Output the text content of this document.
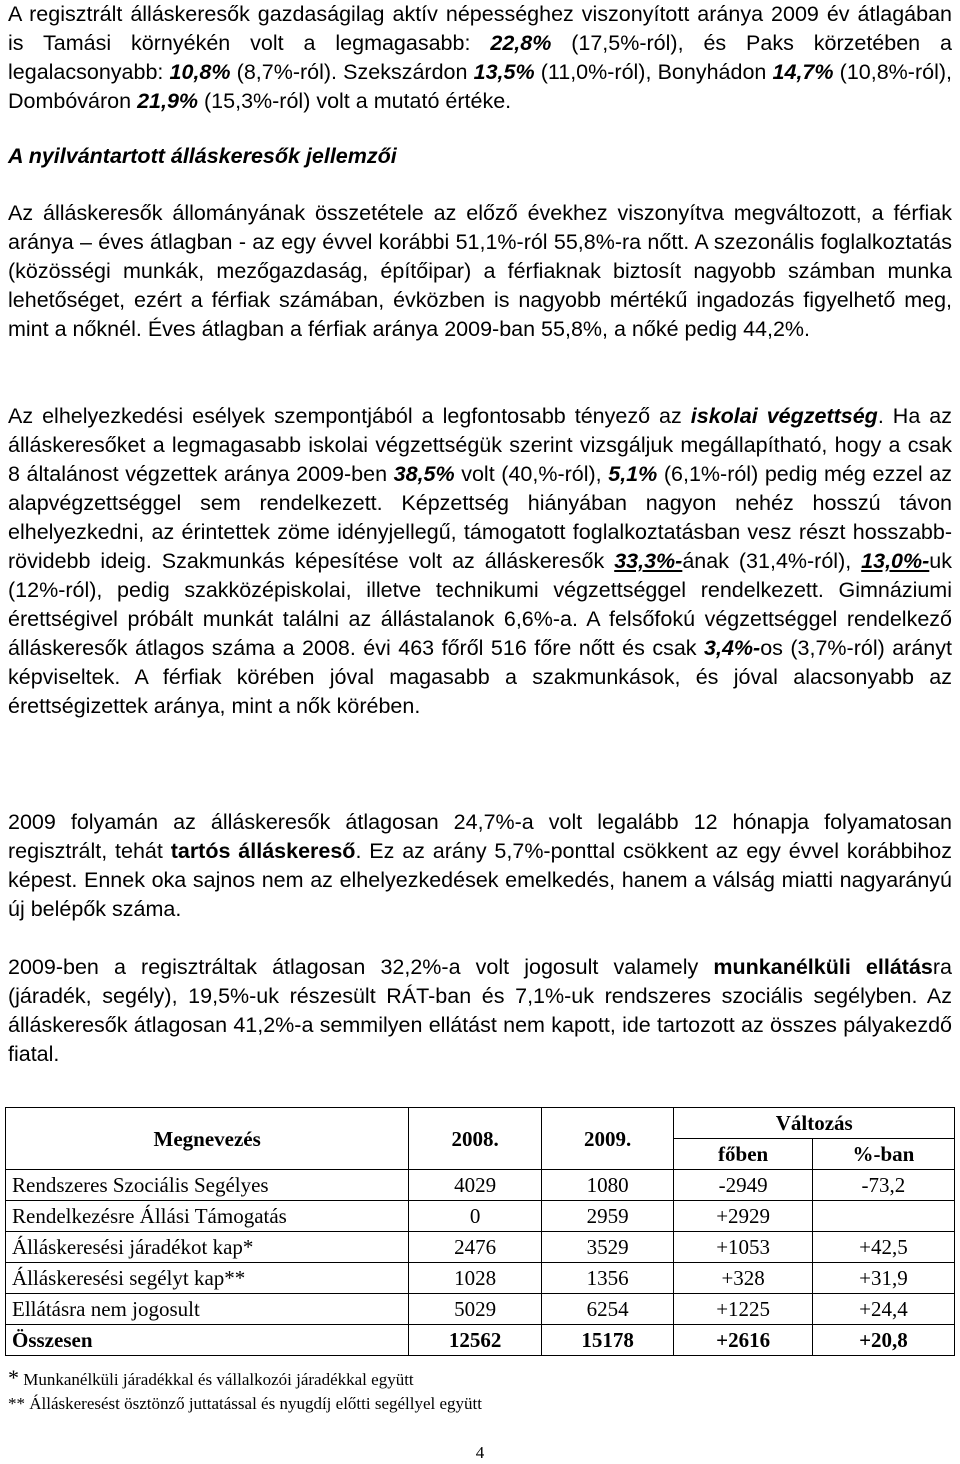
A regisztrált álláskeresők gazdaságilag aktív népességhez viszonyított aránya 2009 év átlagában is Tamási környékén volt a legmagasabb: 22,8% (17,5%-ról), és Paks körzetében a legalacsonyabb: 10,8% (8,7%-ról). Szekszárdon 13,5% (11,0%-ról), Bonyhádon 14,7% (10,8%-ról), Dombóváron 21,9% (15,3%-ról) volt a mutató értéke.

A nyilvántartott álláskeresők jellemzői

Az álláskeresők állományának összetétele az előző évekhez viszonyítva megváltozott, a férfiak aránya – éves átlagban - az egy évvel korábbi 51,1%-ról 55,8%-ra nőtt. A szezonális foglalkoztatás (közösségi munkák, mezőgazdaság, építőipar) a férfiaknak biztosít nagyobb számban munka lehetőséget, ezért a férfiak számában, évközben is nagyobb mértékű ingadozás figyelhető meg, mint a nőknél. Éves átlagban a férfiak aránya 2009-ban 55,8%, a nőké pedig 44,2%.

Az elhelyezkedési esélyek szempontjából a legfontosabb tényező az iskolai végzettség. Ha az álláskeresőket a legmagasabb iskolai végzettségük szerint vizsgáljuk megállapítható, hogy a csak 8 általánost végzettek aránya 2009-ben 38,5% volt (40,%-ról), 5,1% (6,1%-ról) pedig még ezzel az alapvégzettséggel sem rendelkezett. Képzettség hiányában nagyon nehéz hosszú távon elhelyezkedni, az érintettek zöme idényjellegű, támogatott foglalkoztatásban vesz részt hosszabb-rövidebb ideig. Szakmunkás képesítése volt az álláskeresők 33,3%-ának (31,4%-ról), 13,0%-uk (12%-ról), pedig szakközépiskolai, illetve technikumi végzettséggel rendelkezett. Gimnáziumi érettségivel próbált munkát találni az állástalanok 6,6%-a. A felsőfokú végzettséggel rendelkező álláskeresők átlagos száma a 2008. évi 463 főről 516 főre nőtt és csak 3,4%-os (3,7%-ról) arányt képviseltek. A férfiak körében jóval magasabb a szakmunkások, és jóval alacsonyabb az érettségizettek aránya, mint a nők körében.

2009 folyamán az álláskeresők átlagosan 24,7%-a volt legalább 12 hónapja folyamatosan regisztrált, tehát tartós álláskereső. Ez az arány 5,7%-ponttal csökkent az egy évvel korábbihoz képest. Ennek oka sajnos nem az elhelyezkedések emelkedés, hanem a válság miatti nagyarányú új belépők száma.

2009-ben a regisztráltak átlagosan 32,2%-a volt jogosult valamely munkanélküli ellátásra (járadék, segély), 19,5%-uk részesült RÁT-ban és 7,1%-uk rendszeres szociális segélyben. Az álláskeresők átlagosan 41,2%-a semmilyen ellátást nem kapott, ide tartozott az összes pályakezdő fiatal.

Megnevezés	2008.	2009.	Változás	
			főben	%-ban
Rendszeres Szociális Segélyes	4029	1080	-2949	-73,2
Rendelkezésre Állási Támogatás	0	2959	+2929	
Álláskeresési járadékot kap*	2476	3529	+1053	+42,5
Álláskeresési segélyt kap**	1028	1356	+328	+31,9
Ellátásra nem jogosult	5029	6254	+1225	+24,4
Összesen	12562	15178	+2616	+20,8
* Munkanélküli járadékkal és vállalkozói járadékkal együtt
** Álláskeresést ösztönző juttatással és nyugdíj előtti segéllyel együtt
4
